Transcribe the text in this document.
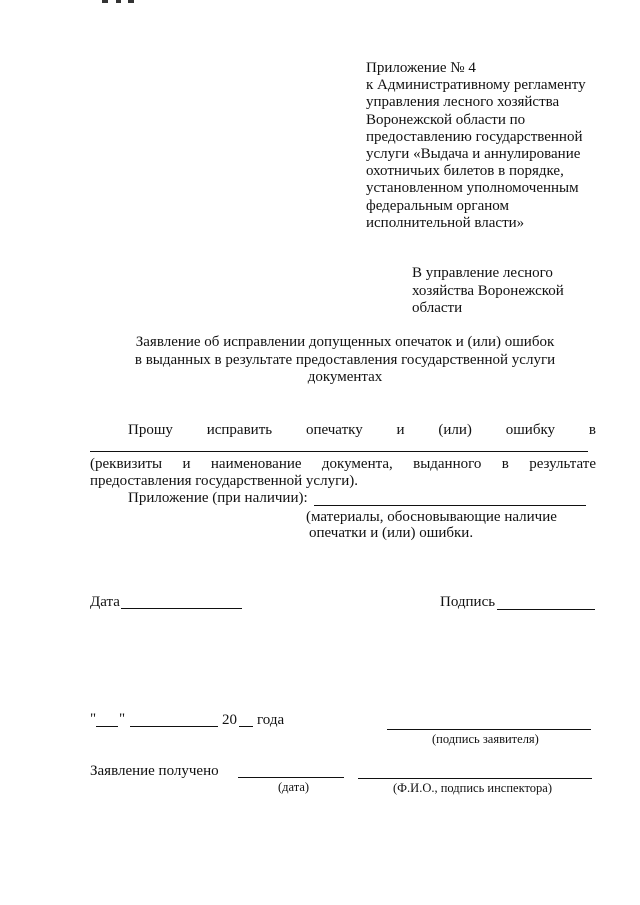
Приложение № 4
к Административному регламенту
управления лесного хозяйства
Воронежской области по
предоставлению государственной
услуги «Выдача и аннулирование
охотничьих билетов в порядке,
установленном уполномоченным
федеральным органом
исполнительной власти»
В управление лесного
хозяйства Воронежской
области
Заявление об исправлении допущенных опечаток и (или) ошибок
в выданных в результате предоставления государственной услуги
документах
Прошу исправить опечатку и (или) ошибку в
(реквизиты и наименование документа, выданного в результате
предоставления государственной услуги).
Приложение (при наличии):
(материалы, обосновывающие наличие
опечатки и (или) ошибки.
Дата	Подпись
" "	20 года
(подпись заявителя)
Заявление получено
(дата)	(Ф.И.О., подпись инспектора)
